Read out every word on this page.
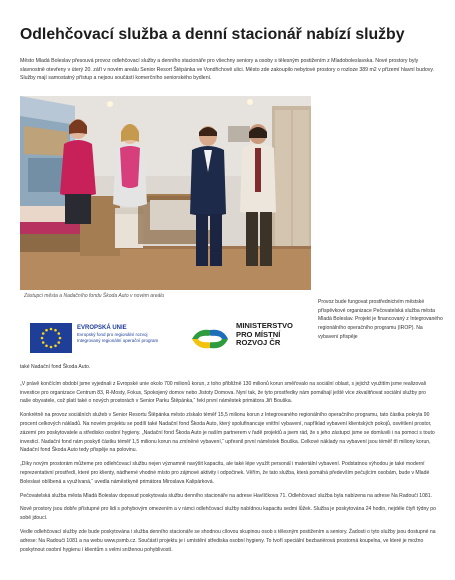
Odlehčovací služba a denní stacionář nabízí služby

Město Mladá Boleslav přesouvá provoz odlehčovací služby a denního stacionáře pro všechny seniory a osoby s tělesným postižením z Mladoboleslavska. Nové prostory byly slavnostně otevřeny v úterý 20. září v novém areálu Senior Resort Štěpánka ve Vondřichově ulici. Město zde zakoupilo nebytové prostory o rozloze 389 m2 v přízemí hlavní budovy. Služby mají samostatný přístup a nejsou součástí komerčního seniorského bydlení.

Zástupci města a Nadačního fondu Škoda Auto v novém areálu

Provoz bude fungovat prostřednictvím městské příspěvkové organizace Pečovatelská služba města Mladá Boleslav. Projekt je financovaný z Integrovaného regionálního operačního programu (IROP). Na vybavení přispěje

EVROPSKÁ UNIE
Evropský fond pro regionální rozvoj
Integrovaný regionální operační program
MINISTERSTVO
PRO MÍSTNÍ
ROZVOJ ČR

také Nadační fond Škoda Auto.

„V právě končícím období jsme vyjednali z Evropské unie okolo 700 milionů korun, z toho přibližně 130 milionů korun směřovalo na sociální oblast, s jejichž využitím jsme realizovali investice pro organizace Centrum 83, R-Mosty, Fokus, Spokojený domov nebo Jistoty Domova. Nyní tak, že tyto prostředky nám pomáhají ještě více zkvalitňovat sociální služby pro naše obyvatele, což platí také o nových prostorách v Senior Parku Štěpánka,“ řekl první náměstek primátora Jiří Bouška.

Konkrétně na provoz sociálních služeb v Senior Resortu Štěpánka město získalo téměř 15,5 milionu korun z Integrovaného regionálního operačního programu, tato částka pokryla 90 procent celkových nákladů. Na novém projektu se podílí také Nadační fond Škoda Auto, který spolufinancuje vnitřní vybavení, například vybavení klientských pokojů, osvětlení prostor, zázemí pro poskytovatele a středisko osobní hygieny. „Nadační fond Škoda Auto je naším partnerem v řadě projektů a jsem rád, že s jeho zástupci jsme se domluvili i na pomoci s touto investicí. Nadační fond nám poskytl částku téměř 1,5 milionu korun na zmíněné vybavení,“ upřesnil první náměstek Bouška. Celkové náklady na vybavení jsou téměř tři miliony korun, Nadační fond Škoda Auto tedy přispěje na polovinu.

„Díky novým prostorám můžeme pro odlehčovací službu nejen významně navýšit kapacitu, ale také lépe využít personál i materiální vybavení. Podstatnou výhodou je také moderní reprezentativní prostředí, které pro klienty, nádherné vhodné místo pro zájmové aktivity i odpočinek. Věřím, že tato služba, která pomáhá především pečujícím osobám, bude v Mladé Boleslavi oblíbená a využívaná,“ uvedla náměstkyně primátora Miroslava Kalipárková.

Pečovatelská služba města Mladá Boleslav doposud poskytovala službu denního stacionáře na adrese Havlíčkova 71. Odlehčovací služba byla nabízena na adrese Na Radouči 1081.

Nově prostory jsou dobře přístupné pro lidi s pohybovým omezením a v rámci odlehčovací služby nabídnou kapacitu sedmi lůžek. Služba je poskytována 24 hodin, nejdéle čtyři týdny po sobě jdoucí.

Vedle odlehčovací služby zde bude poskytována i služba denního stacionáře se shodnou cílovou skupinou osob s tělesným postižením a seniory. Žadosti o tyto služby jsou dostupné na adrese: Na Radouči 1081 a na webu www.psmb.cz. Součástí projektu je i umístění střediska osobní hygieny. To tvoří speciální bezbariérová prostorná koupelna, ve které je možno poskytnout osobní hygienu i klientům s velmi sníženou pohyblivostí.
